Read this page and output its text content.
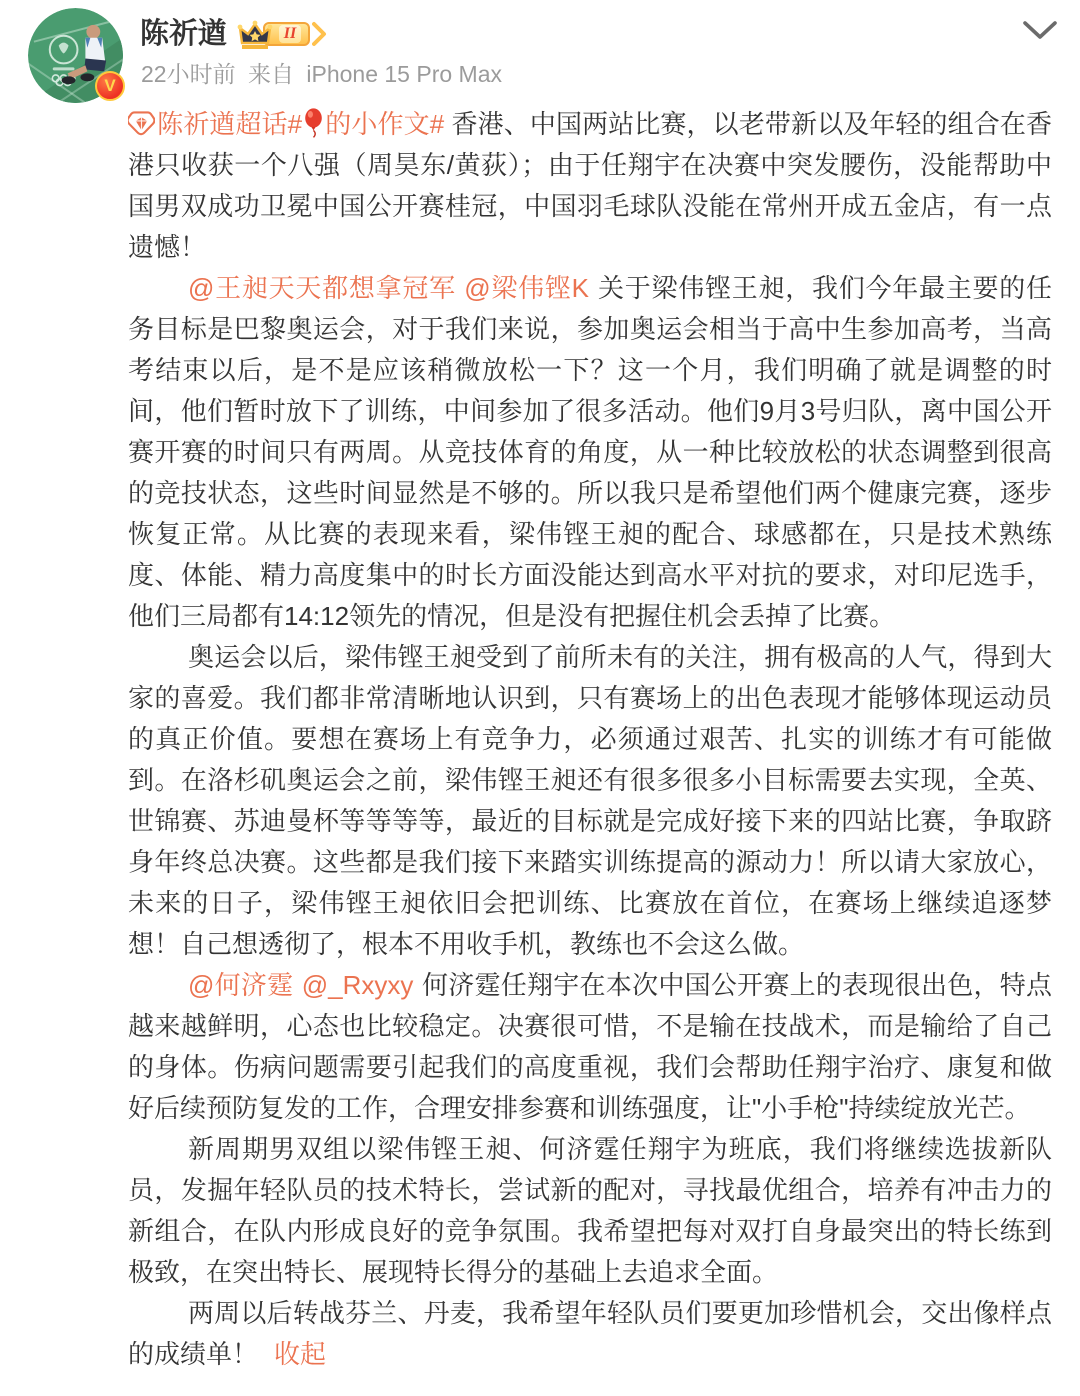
V
陈祈遒	II
22小时前 来自 iPhone 15 Pro Max

陈祈遒超话# 的小作文# 香港、中国两站比赛，以老带新以及年轻的组合在香港只收获一个八强（周昊东/黄荻）；由于任翔宇在决赛中突发腰伤，没能帮助中国男双成功卫冕中国公开赛桂冠，中国羽毛球队没能在常州开成五金店，有一点遗憾！

@王昶天天都想拿冠军 @梁伟铿K 关于梁伟铿王昶，我们今年最主要的任务目标是巴黎奥运会，对于我们来说，参加奥运会相当于高中生参加高考，当高考结束以后，是不是应该稍微放松一下？这一个月，我们明确了就是调整的时间，他们暂时放下了训练，中间参加了很多活动。他们9月3号归队，离中国公开赛开赛的时间只有两周。从竞技体育的角度，从一种比较放松的状态调整到很高的竞技状态，这些时间显然是不够的。所以我只是希望他们两个健康完赛，逐步恢复正常。从比赛的表现来看，梁伟铿王昶的配合、球感都在，只是技术熟练度、体能、精力高度集中的时长方面没能达到高水平对抗的要求，对印尼选手，他们三局都有14:12领先的情况，但是没有把握住机会丢掉了比赛。

奥运会以后，梁伟铿王昶受到了前所未有的关注，拥有极高的人气，得到大家的喜爱。我们都非常清晰地认识到，只有赛场上的出色表现才能够体现运动员的真正价值。要想在赛场上有竞争力，必须通过艰苦、扎实的训练才有可能做到。在洛杉矶奥运会之前，梁伟铿王昶还有很多很多小目标需要去实现，全英、世锦赛、苏迪曼杯等等等等，最近的目标就是完成好接下来的四站比赛，争取跻身年终总决赛。这些都是我们接下来踏实训练提高的源动力！所以请大家放心，未来的日子，梁伟铿王昶依旧会把训练、比赛放在首位，在赛场上继续追逐梦想！自己想透彻了，根本不用收手机，教练也不会这么做。

@何济霆 @_Rxyxy 何济霆任翔宇在本次中国公开赛上的表现很出色，特点越来越鲜明，心态也比较稳定。决赛很可惜，不是输在技战术，而是输给了自己的身体。伤病问题需要引起我们的高度重视，我们会帮助任翔宇治疗、康复和做好后续预防复发的工作，合理安排参赛和训练强度，让"小手枪"持续绽放光芒。

新周期男双组以梁伟铿王昶、何济霆任翔宇为班底，我们将继续选拔新队员，发掘年轻队员的技术特长，尝试新的配对，寻找最优组合，培养有冲击力的新组合，在队内形成良好的竞争氛围。我希望把每对双打自身最突出的特长练到极致，在突出特长、展现特长得分的基础上去追求全面。

两周以后转战芬兰、丹麦，我希望年轻队员们要更加珍惜机会，交出像样点的成绩单！ 收起
